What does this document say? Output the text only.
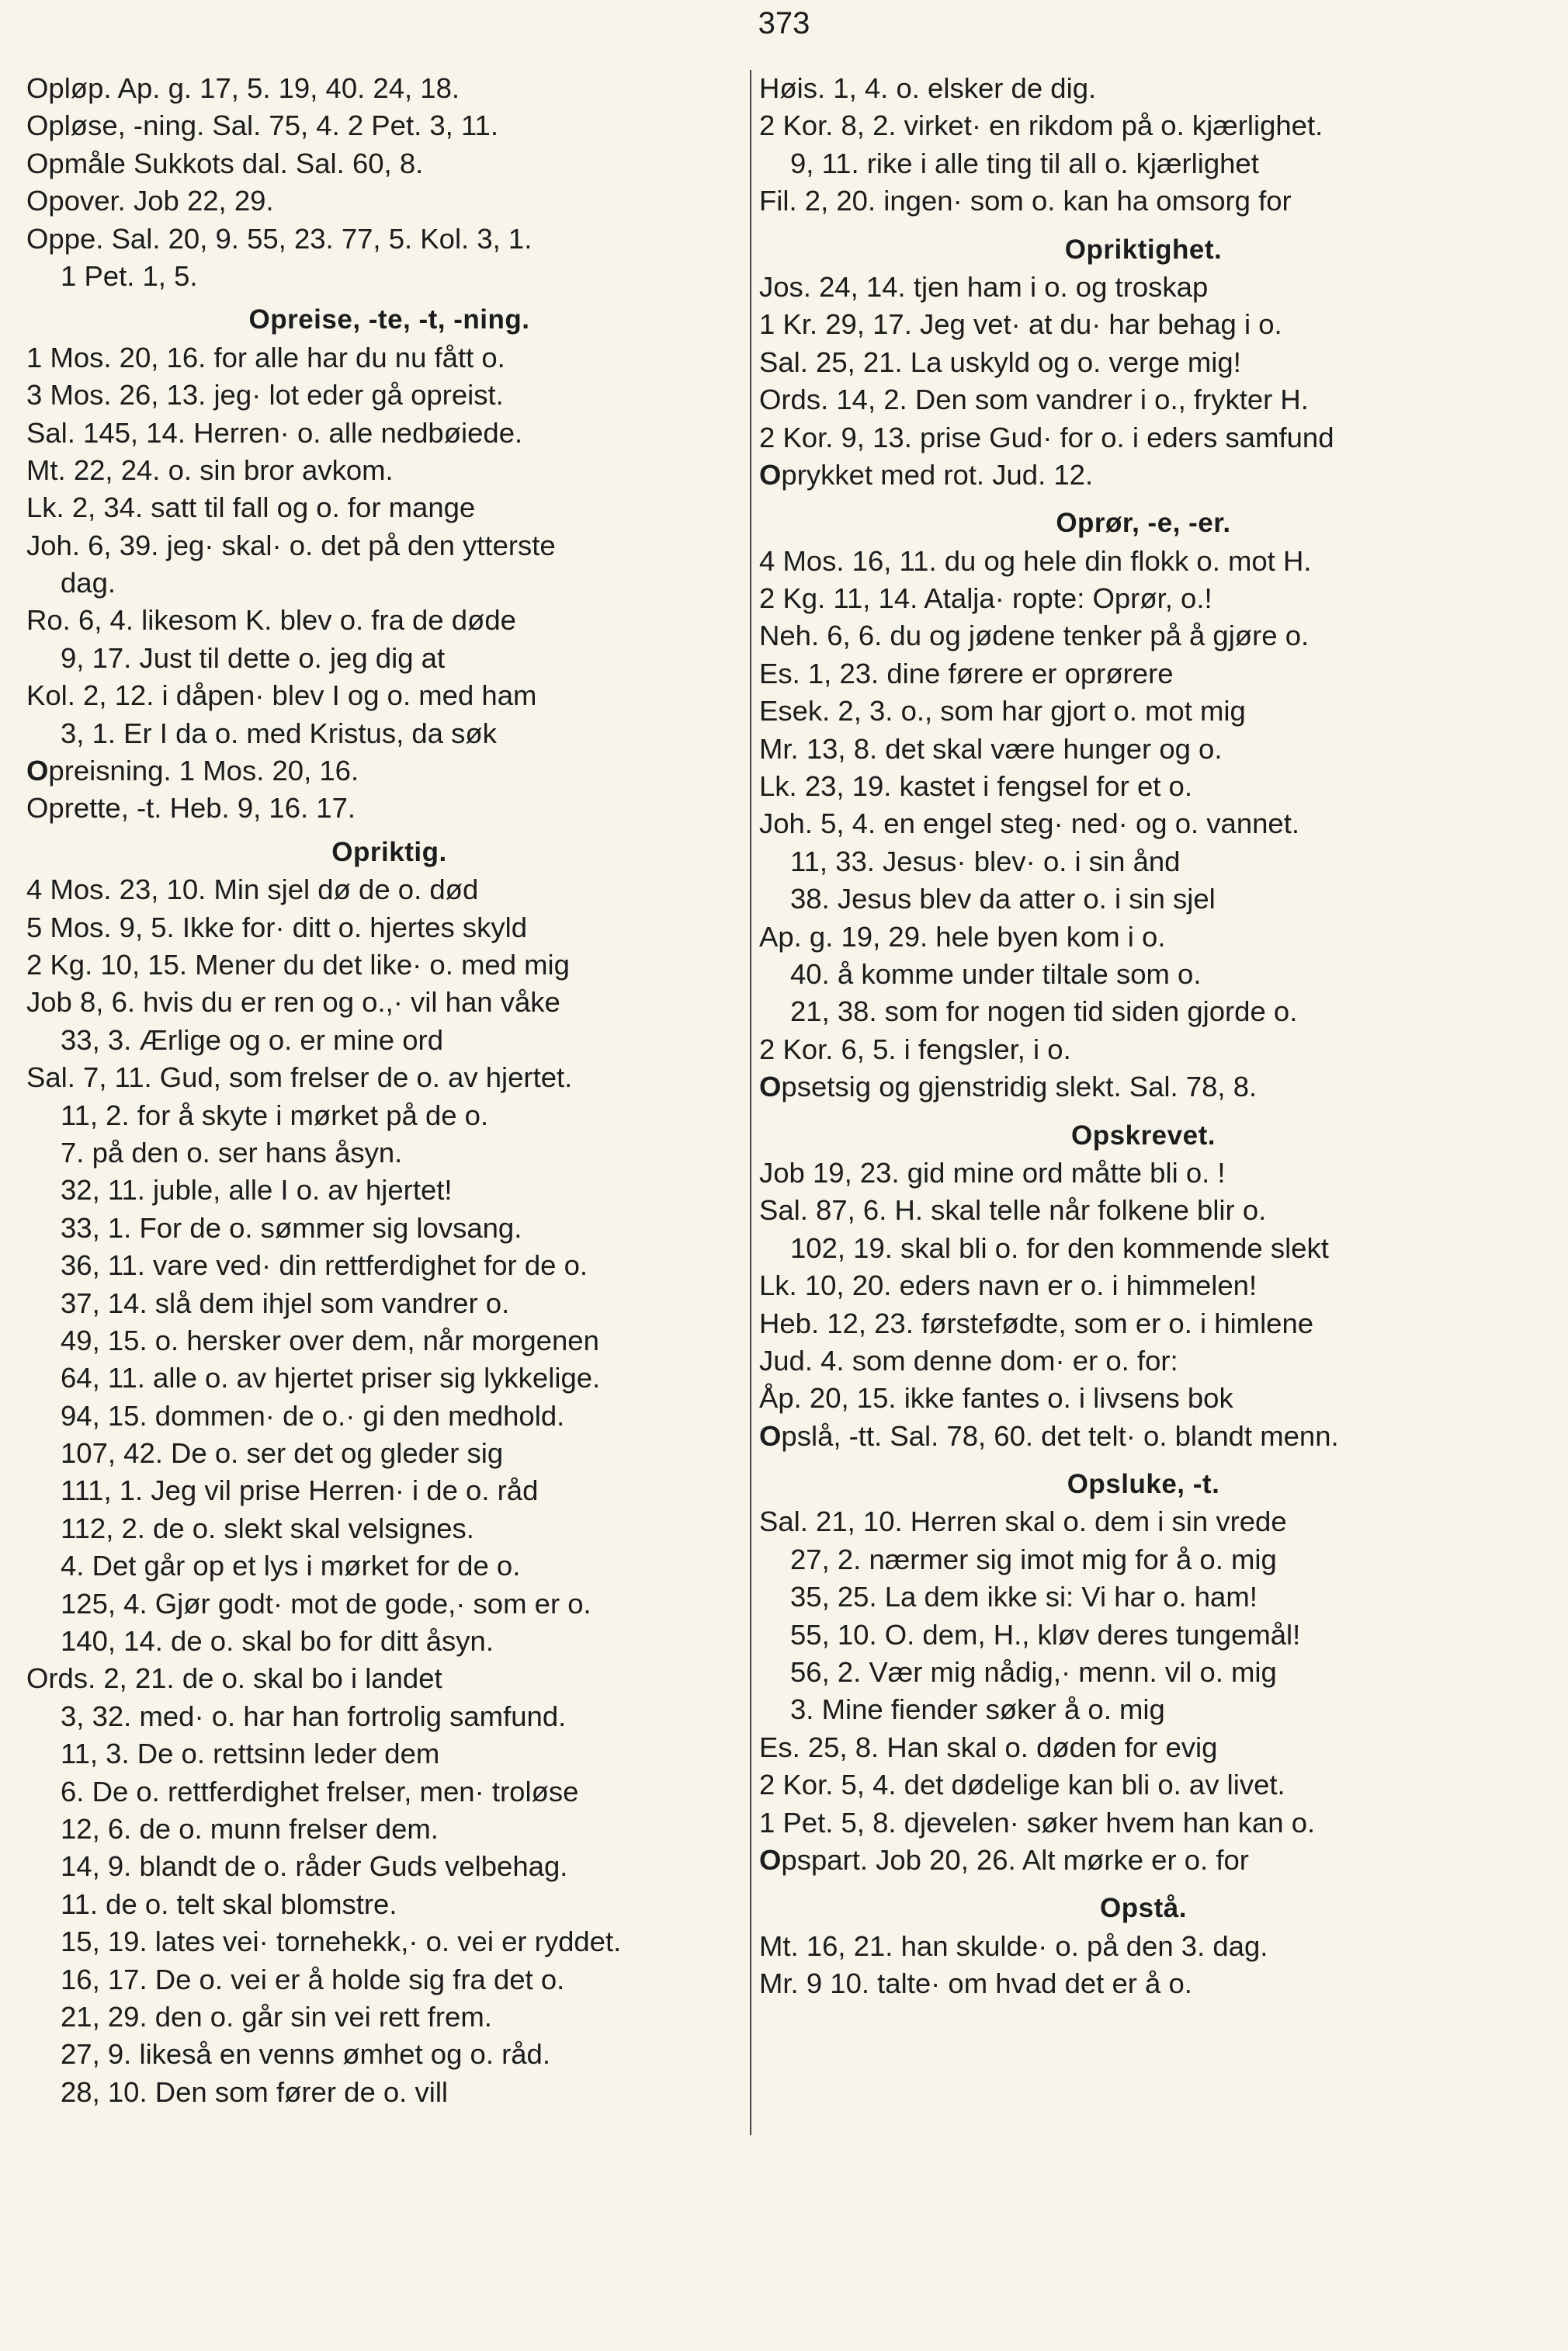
373
Opløp. Ap. g. 17, 5. 19, 40. 24, 18.
Opløse, -ning. Sal. 75, 4. 2 Pet. 3, 11.
Opmåle Sukkots dal. Sal. 60, 8.
Opover. Job 22, 29.
Oppe. Sal. 20, 9. 55, 23. 77, 5. Kol. 3, 1.
1 Pet. 1, 5.
Opreise, -te, -t, -ning.
1 Mos. 20, 16. for alle har du nu fått o.
3 Mos. 26, 13. jeg· lot eder gå opreist.
Sal. 145, 14. Herren· o. alle nedbøiede.
Mt. 22, 24. o. sin bror avkom.
Lk. 2, 34. satt til fall og o. for mange
Joh. 6, 39. jeg· skal· o. det på den ytterste
dag.
Ro. 6, 4. likesom K. blev o. fra de døde
9, 17. Just til dette o. jeg dig at
Kol. 2, 12. i dåpen· blev I og o. med ham
3, 1. Er I da o. med Kristus, da søk
Opreisning. 1 Mos. 20, 16.
Oprette, -t. Heb. 9, 16. 17.
Opriktig.
4 Mos. 23, 10. Min sjel dø de o. død
5 Mos. 9, 5. Ikke for· ditt o. hjertes skyld
2 Kg. 10, 15. Mener du det like· o. med mig
Job 8, 6. hvis du er ren og o.,· vil han våke
33, 3. Ærlige og o. er mine ord
Sal. 7, 11. Gud, som frelser de o. av hjertet.
11, 2. for å skyte i mørket på de o.
7. på den o. ser hans åsyn.
32, 11. juble, alle I o. av hjertet!
33, 1. For de o. sømmer sig lovsang.
36, 11. vare ved· din rettferdighet for de o.
37, 14. slå dem ihjel som vandrer o.
49, 15. o. hersker over dem, når morgenen
64, 11. alle o. av hjertet priser sig lykkelige.
94, 15. dommen· de o.· gi den medhold.
107, 42. De o. ser det og gleder sig
111, 1. Jeg vil prise Herren· i de o. råd
112, 2. de o. slekt skal velsignes.
4. Det går op et lys i mørket for de o.
125, 4. Gjør godt· mot de gode,· som er o.
140, 14. de o. skal bo for ditt åsyn.
Ords. 2, 21. de o. skal bo i landet
3, 32. med· o. har han fortrolig samfund.
11, 3. De o. rettsinn leder dem
6. De o. rettferdighet frelser, men· troløse
12, 6. de o. munn frelser dem.
14, 9. blandt de o. råder Guds velbehag.
11. de o. telt skal blomstre.
15, 19. lates vei· tornehekk,· o. vei er ryddet.
16, 17. De o. vei er å holde sig fra det o.
21, 29. den o. går sin vei rett frem.
27, 9. likeså en venns ømhet og o. råd.
28, 10. Den som fører de o. vill
Høis. 1, 4. o. elsker de dig.
2 Kor. 8, 2. virket· en rikdom på o. kjærlighet.
9, 11. rike i alle ting til all o. kjærlighet
Fil. 2, 20. ingen· som o. kan ha omsorg for
Opriktighet.
Jos. 24, 14. tjen ham i o. og troskap
1 Kr. 29, 17. Jeg vet· at du· har behag i o.
Sal. 25, 21. La uskyld og o. verge mig!
Ords. 14, 2. Den som vandrer i o., frykter H.
2 Kor. 9, 13. prise Gud· for o. i eders samfund
Oprykket med rot. Jud. 12.
Oprør, -e, -er.
4 Mos. 16, 11. du og hele din flokk o. mot H.
2 Kg. 11, 14. Atalja· ropte: Oprør, o.!
Neh. 6, 6. du og jødene tenker på å gjøre o.
Es. 1, 23. dine førere er oprørere
Esek. 2, 3. o., som har gjort o. mot mig
Mr. 13, 8. det skal være hunger og o.
Lk. 23, 19. kastet i fengsel for et o.
Joh. 5, 4. en engel steg· ned· og o. vannet.
11, 33. Jesus· blev· o. i sin ånd
38. Jesus blev da atter o. i sin sjel
Ap. g. 19, 29. hele byen kom i o.
40. å komme under tiltale som o.
21, 38. som for nogen tid siden gjorde o.
2 Kor. 6, 5. i fengsler, i o.
Opsetsig og gjenstridig slekt. Sal. 78, 8.
Opskrevet.
Job 19, 23. gid mine ord måtte bli o. !
Sal. 87, 6. H. skal telle når folkene blir o.
102, 19. skal bli o. for den kommende slekt
Lk. 10, 20. eders navn er o. i himmelen!
Heb. 12, 23. førstefødte, som er o. i himlene
Jud. 4. som denne dom· er o. for:
Åp. 20, 15. ikke fantes o. i livsens bok
Opslå, -tt. Sal. 78, 60. det telt· o. blandt menn.
Opsluke, -t.
Sal. 21, 10. Herren skal o. dem i sin vrede
27, 2. nærmer sig imot mig for å o. mig
35, 25. La dem ikke si: Vi har o. ham!
55, 10. O. dem, H., kløv deres tungemål!
56, 2. Vær mig nådig,· menn. vil o. mig
3. Mine fiender søker å o. mig
Es. 25, 8. Han skal o. døden for evig
2 Kor. 5, 4. det dødelige kan bli o. av livet.
1 Pet. 5, 8. djevelen· søker hvem han kan o.
Opspart. Job 20, 26. Alt mørke er o. for
Opstå.
Mt. 16, 21. han skulde· o. på den 3. dag.
Mr. 9 10. talte· om hvad det er å o.
